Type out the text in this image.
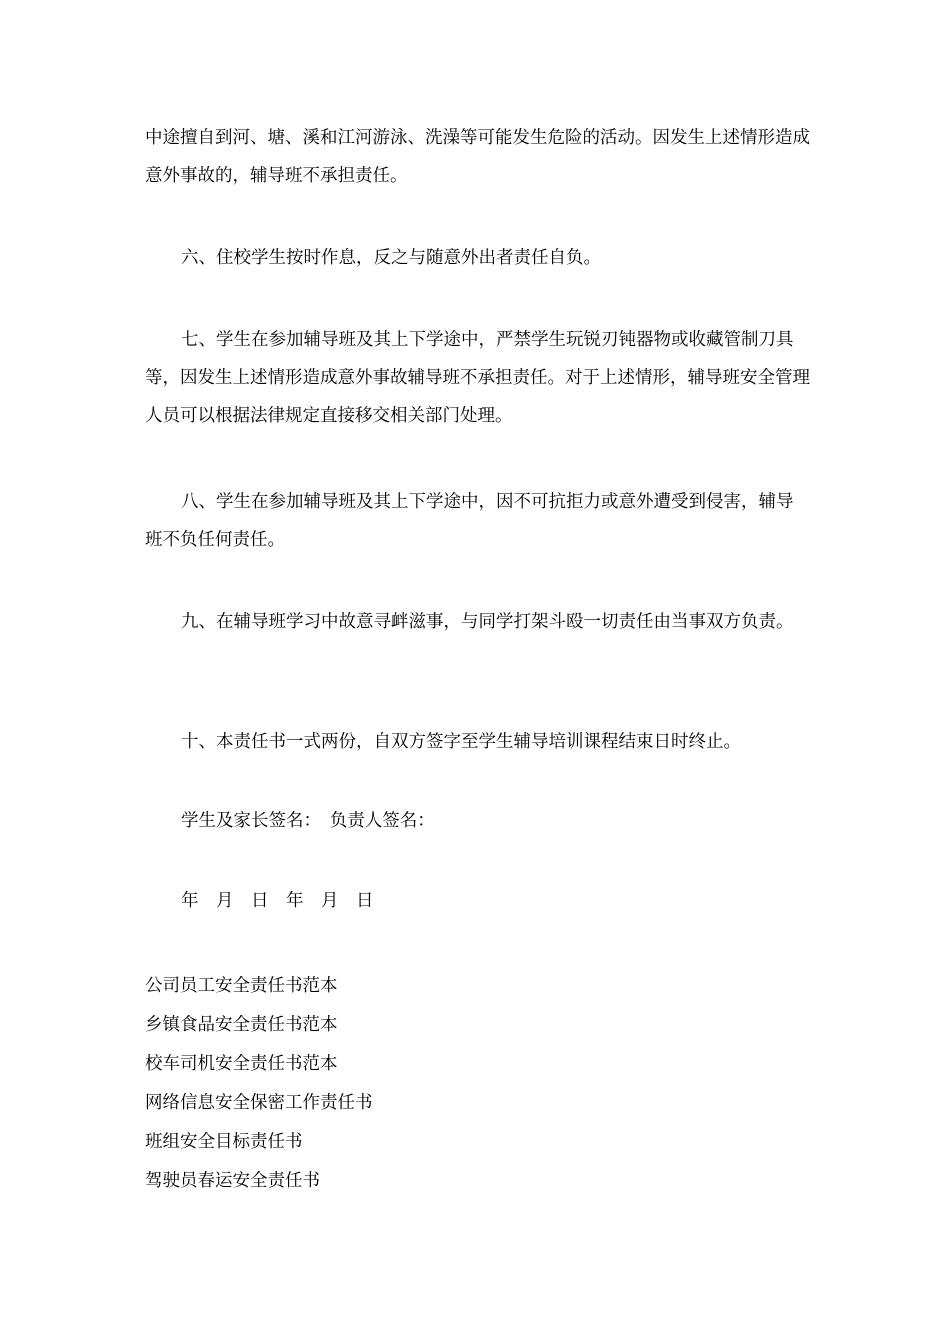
中途擅自到河、塘、溪和江河游泳、洗澡等可能发生危险的活动。因发生上述情形造成意外事故的，辅导班不承担责任。

六、住校学生按时作息，反之与随意外出者责任自负。

七、学生在参加辅导班及其上下学途中，严禁学生玩锐刃钝器物或收藏管制刀具等，因发生上述情形造成意外事故辅导班不承担责任。对于上述情形，辅导班安全管理人员可以根据法律规定直接移交相关部门处理。

八、学生在参加辅导班及其上下学途中，因不可抗拒力或意外遭受到侵害，辅导班不负任何责任。

九、在辅导班学习中故意寻衅滋事，与同学打架斗殴一切责任由当事双方负责。

十、本责任书一式两份，自双方签字至学生辅导培训课程结束日时终止。

学生及家长签名：　负责人签名：

年　月　日　年　月　日

公司员工安全责任书范本
乡镇食品安全责任书范本
校车司机安全责任书范本
网络信息安全保密工作责任书
班组安全目标责任书
驾驶员春运安全责任书
